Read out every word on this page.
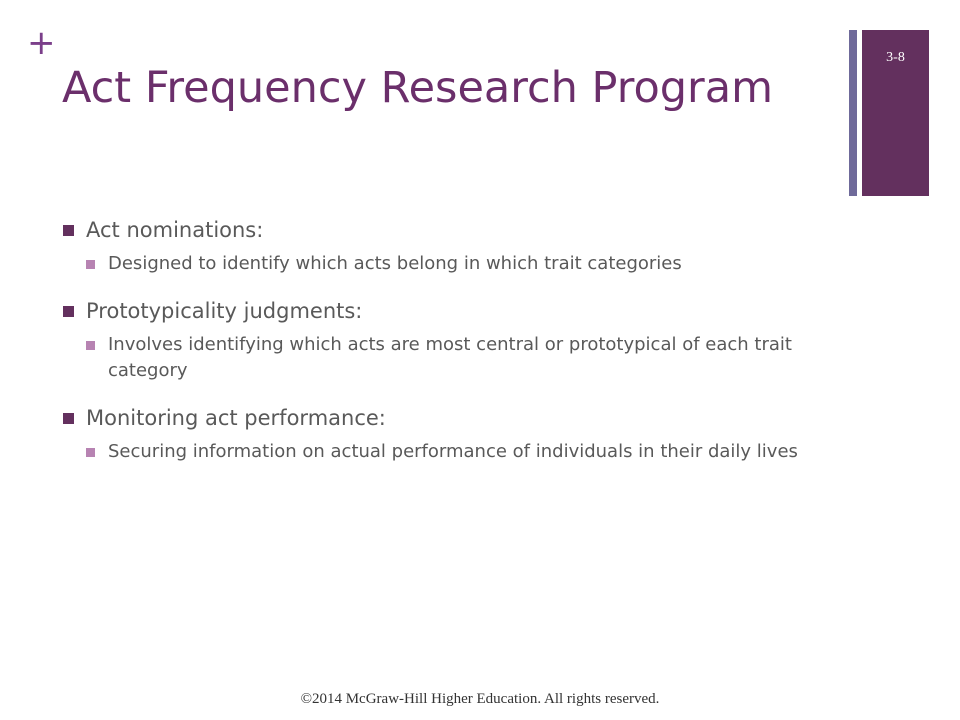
+
Act Frequency Research Program
3-8
Act nominations:
Designed to identify which acts belong in which trait categories
Prototypicality judgments:
Involves identifying which acts are most central or prototypical of each trait category
Monitoring act performance:
Securing information on actual performance of individuals in their daily lives
©2014 McGraw-Hill Higher Education. All rights reserved.
